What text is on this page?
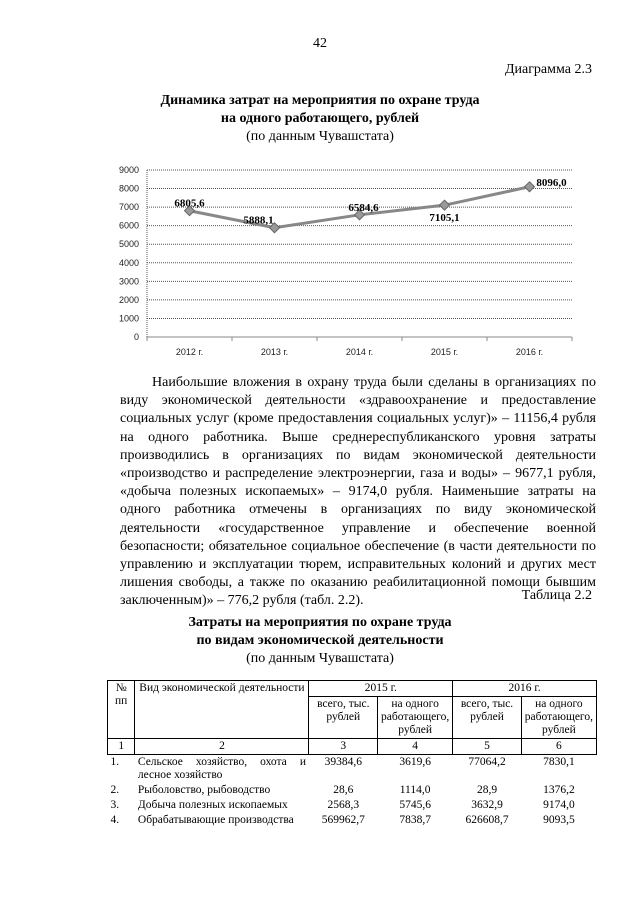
42
Диаграмма 2.3
Динамика затрат на мероприятия по охране труда
на одного работающего, рублей
(по данным Чувашстата)
0
1000
2000
3000
4000
5000
6000
7000
8000
9000
2012 г.	2013 г.	2014 г.	2015 г.	2016 г.
6805,6
5888,1
6584,6
7105,1
8096,0
Наибольшие вложения в охрану труда были сделаны в организациях по виду экономической деятельности «здравоохранение и предоставление социальных услуг (кроме предоставления социальных услуг)» – 11156,4 рубля на одного работника. Выше среднереспубликанского уровня затраты производились в организациях по видам экономической деятельности «производство и распределение электроэнергии, газа и воды» – 9677,1 рубля, «добыча полезных ископаемых» – 9174,0 рубля. Наименьшие затраты на одного работника отмечены в организациях по виду экономической деятельности «государственное управление и обеспечение военной безопасности; обязательное социальное обеспечение (в части деятельности по управлению и эксплуатации тюрем, исправительных колоний и других мест лишения свободы, а также по оказанию реабилитационной помощи бывшим заключенным)» – 776,2 рубля (табл. 2.2).	Таблица 2.2
Затраты на мероприятия по охране труда
по видам экономической деятельности
(по данным Чувашстата)
№ пп	Вид экономической деятельности	2015 г.		2016 г.	
		всего, тыс. рублей	на одного работающего, рублей	всего, тыс. рублей	на одного работающего, рублей
1	2	3	4	5	6
1.	Сельское хозяйство, охота и лесное хозяйство	39384,6	3619,6	77064,2	7830,1
2.	Рыболовство, рыбоводство	28,6	1114,0	28,9	1376,2
3.	Добыча полезных ископаемых	2568,3	5745,6	3632,9	9174,0
4.	Обрабатывающие производства	569962,7	7838,7	626608,7	9093,5
